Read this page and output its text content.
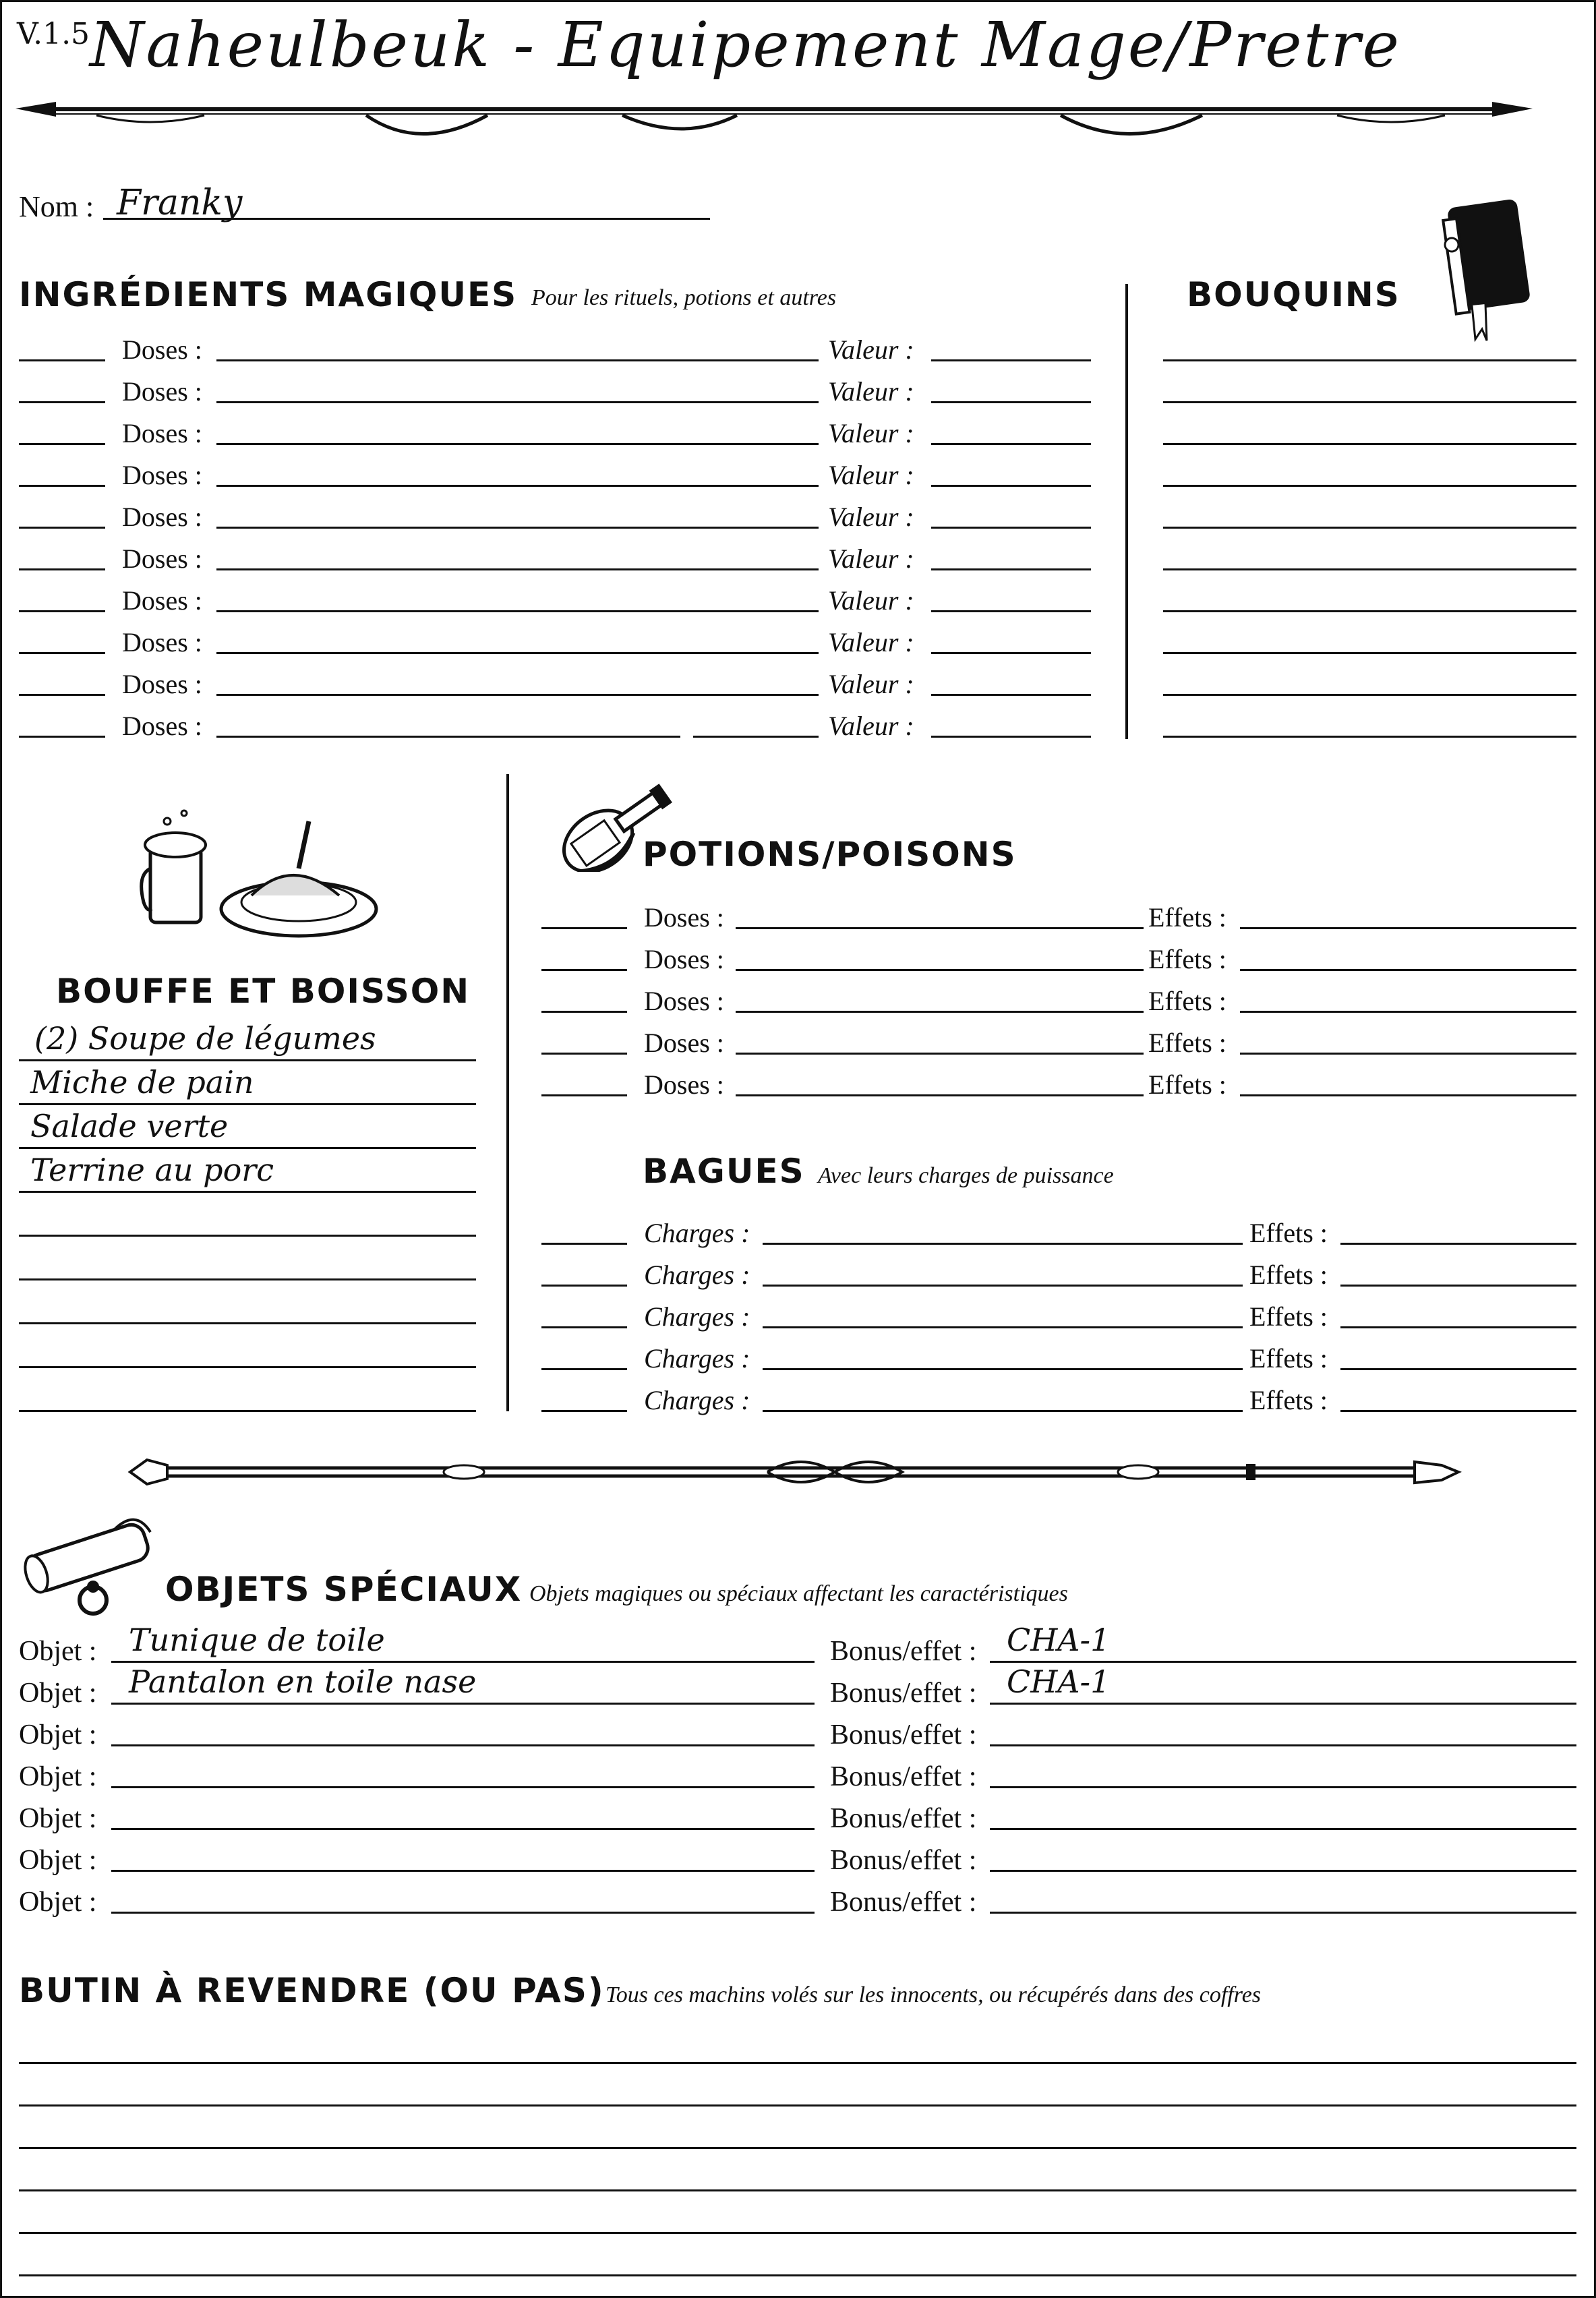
V.1.5 Naheulbeuk - Equipement Mage/Pretre
Nom : Franky
INGRÉDIENTS MAGIQUES Pour les rituels, potions et autres
Doses :	Valeur :
Doses :	Valeur :
Doses :	Valeur :
Doses :	Valeur :
Doses :	Valeur :
Doses :	Valeur :
Doses :	Valeur :
Doses :	Valeur :
Doses :	Valeur :
Doses :	Valeur :
BOUQUINS
BOUFFE ET BOISSON
(2) Soupe de légumes
Miche de pain
Salade verte
Terrine au porc
POTIONS/POISONS
Doses :	Effets :
Doses :	Effets :
Doses :	Effets :
Doses :	Effets :
Doses :	Effets :
BAGUES Avec leurs charges de puissance
Charges :	Effets :
Charges :	Effets :
Charges :	Effets :
Charges :	Effets :
Charges :	Effets :
OBJETS SPÉCIAUX Objets magiques ou spéciaux affectant les caractéristiques
Objet : Tunique de toile	Bonus/effet : CHA-1
Objet : Pantalon en toile nase	Bonus/effet : CHA-1
Objet :	Bonus/effet :
Objet :	Bonus/effet :
Objet :	Bonus/effet :
Objet :	Bonus/effet :
Objet :	Bonus/effet :
BUTIN À REVENDRE (OU PAS) Tous ces machins volés sur les innocents, ou récupérés dans des coffres
